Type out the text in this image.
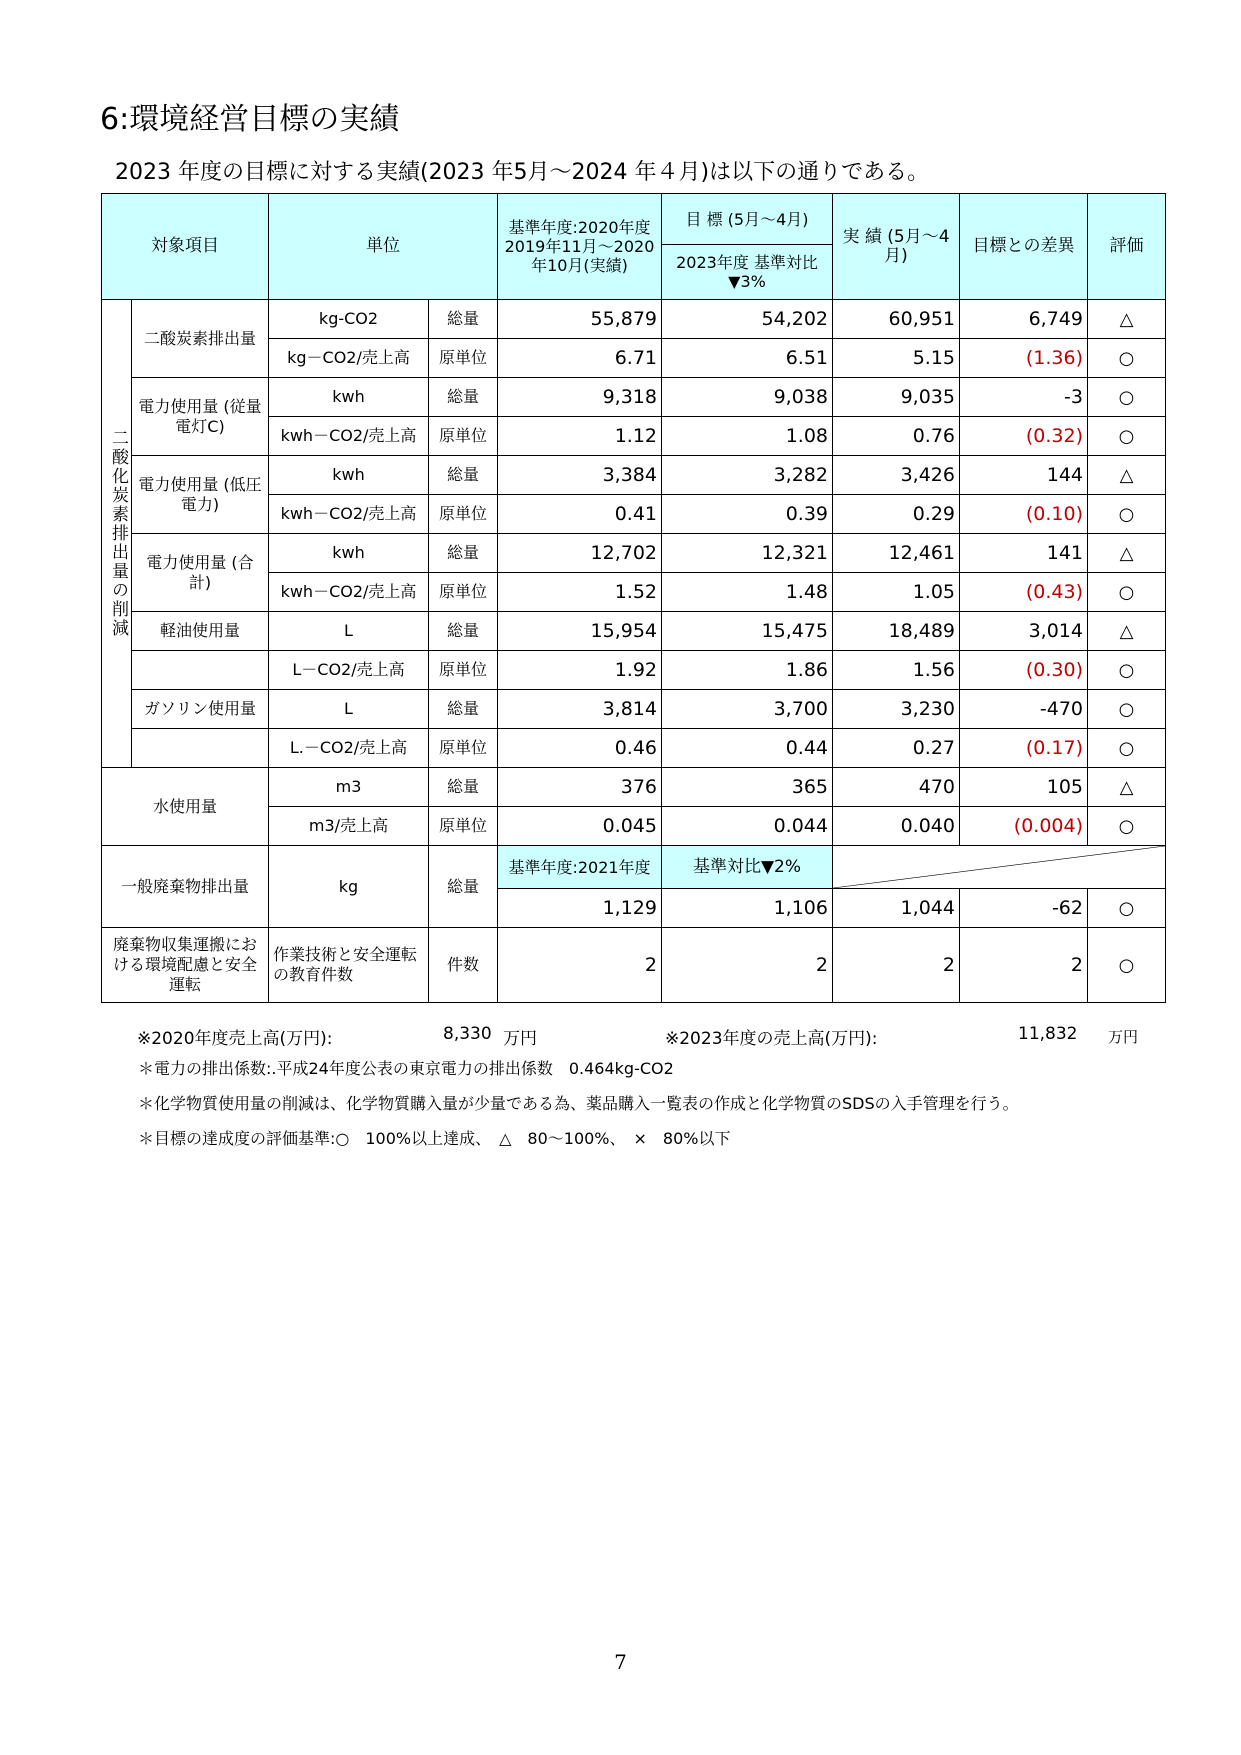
6:環境経営目標の実績
2023 年度の目標に対する実績(2023 年5月～2024 年４月)は以下の通りである。
対象項目		単位		基準年度:2020年度 2019年11月～2020年10月(実績)	目 標 (5月～4月)	実 績 (5月～4月)	目標との差異	評価
					2023年度 基準対比▼3%			

二酸化炭素排出量の削減	二酸炭素排出量	kg-CO2	総量	55,879	54,202	60,951	6,749	△
		kg－CO2/売上高	原単位	6.71	6.51	5.15	(1.36)	○
	電力使用量 (従量電灯C)	kwh	総量	9,318	9,038	9,035	-3	○
		kwh－CO2/売上高	原単位	1.12	1.08	0.76	(0.32)	○
	電力使用量 (低圧電力)	kwh	総量	3,384	3,282	3,426	144	△
		kwh－CO2/売上高	原単位	0.41	0.39	0.29	(0.10)	○
	電力使用量 (合計)	kwh	総量	12,702	12,321	12,461	141	△
		kwh－CO2/売上高	原単位	1.52	1.48	1.05	(0.43)	○
	軽油使用量	L	総量	15,954	15,475	18,489	3,014	△
		L－CO2/売上高	原単位	1.92	1.86	1.56	(0.30)	○
	ガソリン使用量	L	総量	3,814	3,700	3,230	-470	○
		L.－CO2/売上高	原単位	0.46	0.44	0.27	(0.17)	○
水使用量		m3	総量	376	365	470	105	△
		m3/売上高	原単位	0.045	0.044	0.040	(0.004)	○
一般廃棄物排出量		kg	総量	基準年度:2021年度	基準対比▼2%	

				1,129	1,106	1,044	-62	○
廃棄物収集運搬における環境配慮と安全運転		作業技術と安全運転の教育件数	件数	2	2	2	2	○
※2020年度売上高(万円):	8,330 万円	※2023年度の売上高(万円):	11,832 万円
＊電力の排出係数:.平成24年度公表の東京電力の排出係数　0.464kg-CO2
＊化学物質使用量の削減は、化学物質購入量が少量である為、薬品購入一覧表の作成と化学物質のSDSの入手管理を行う。
＊目標の達成度の評価基準:○　100%以上達成、　△　80～100%、　×　80%以下
7
